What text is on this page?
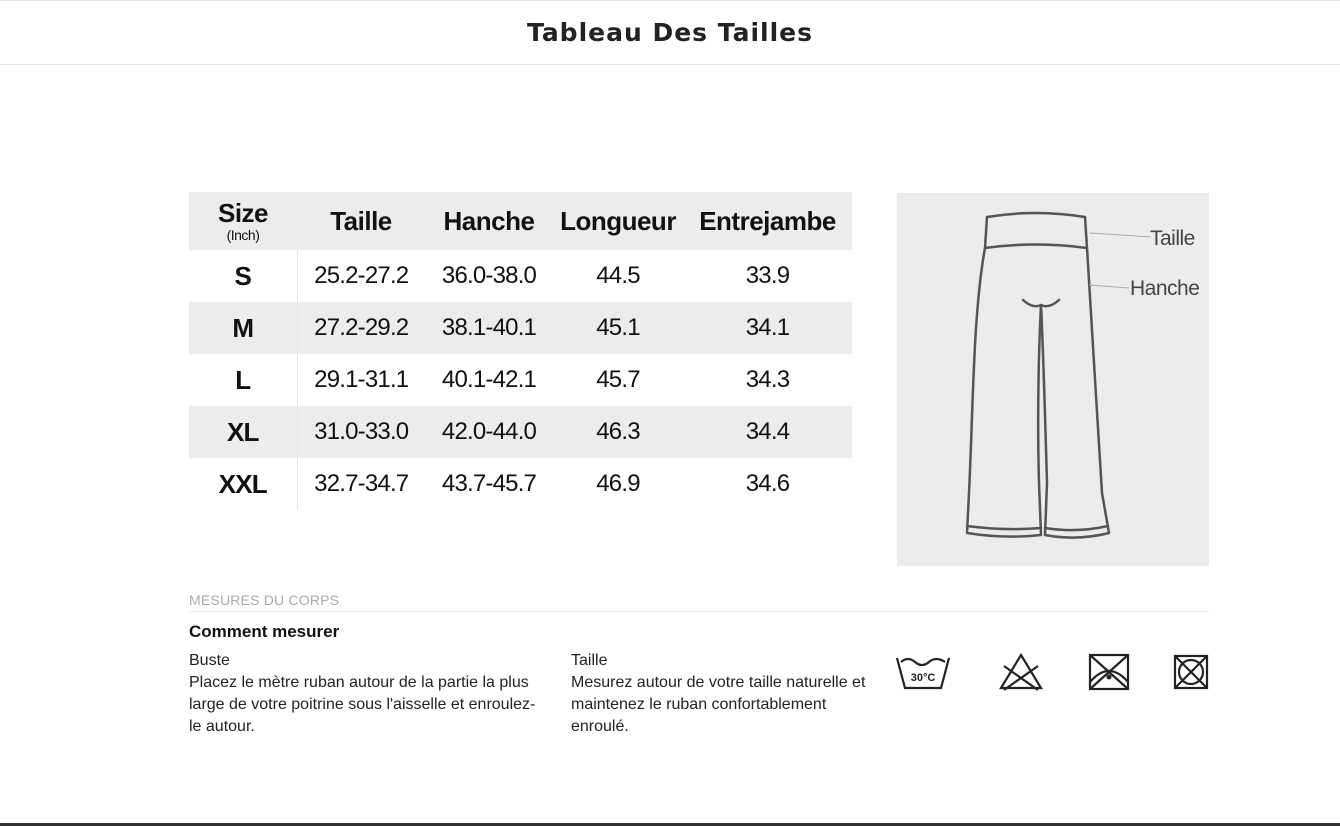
Tableau Des Tailles
Size
(Inch)	Taille	Hanche	Longueur	Entrejambe
S	25.2-27.2	36.0-38.0	44.5	33.9
M	27.2-29.2	38.1-40.1	45.1	34.1
L	29.1-31.1	40.1-42.1	45.7	34.3
XL	31.0-33.0	42.0-44.0	46.3	34.4
XXL	32.7-34.7	43.7-45.7	46.9	34.6
Taille
Hanche
MESURES DU CORPS
Comment mesurer
Buste
Placez le mètre ruban autour de la partie la plus large de votre poitrine sous l'aisselle et enroulez-le autour.
Taille
Mesurez autour de votre taille naturelle et maintenez le ruban confortablement enroulé.
30°C
